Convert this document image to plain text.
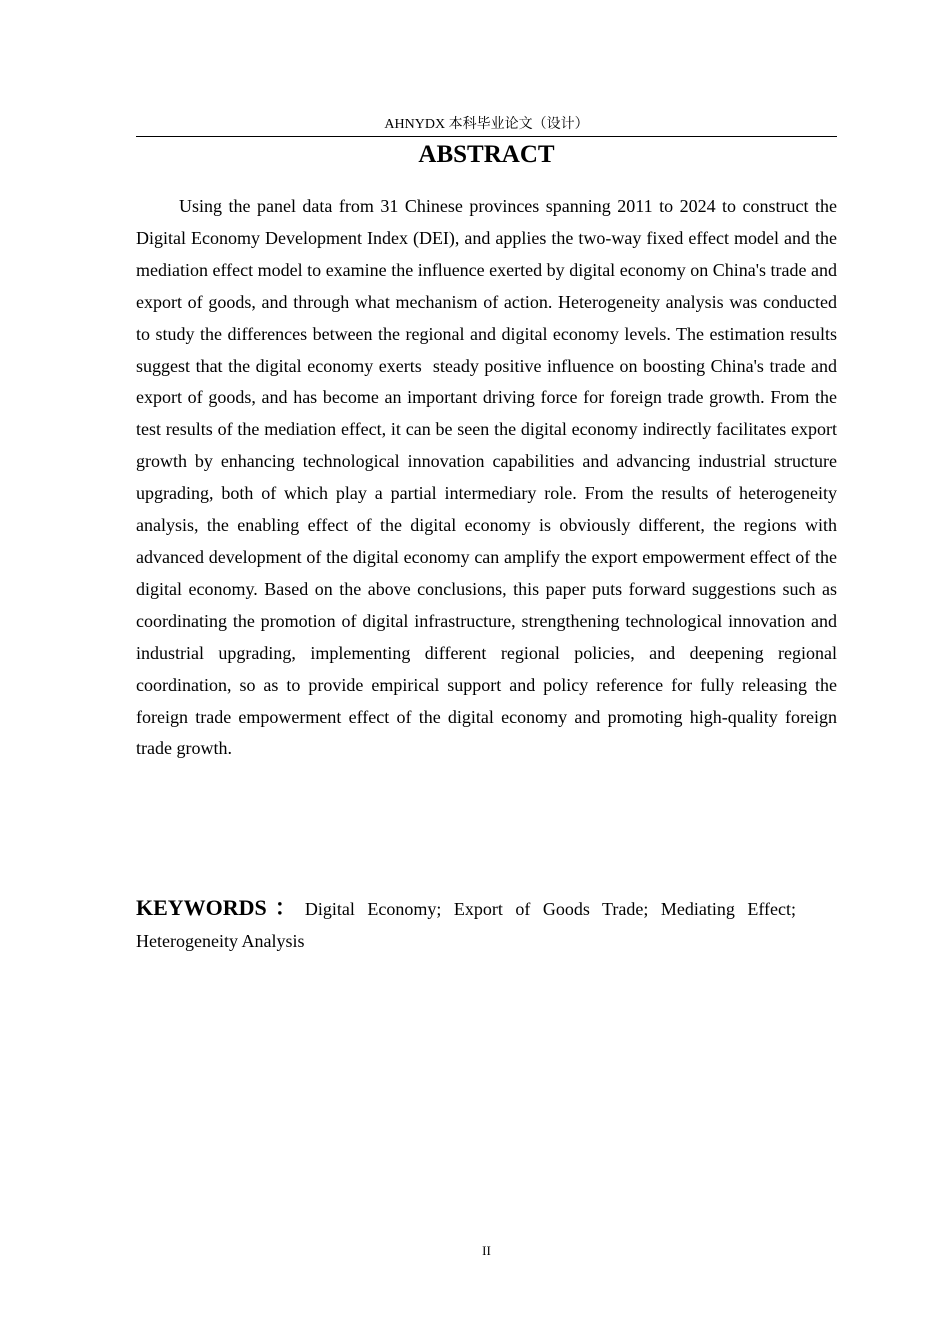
AHNYDX 本科毕业论文（设计）
ABSTRACT

Using the panel data from 31 Chinese provinces spanning 2011 to 2024 to construct the Digital Economy Development Index (DEI), and applies the two-way fixed effect model and the mediation effect model to examine the influence exerted by digital economy on China's trade and export of goods, and through what mechanism of action. Heterogeneity analysis was conducted to study the differences between the regional and digital economy levels. The estimation results suggest that the digital economy exerts  steady positive influence on boosting China's trade and export of goods, and has become an important driving force for foreign trade growth. From the test results of the mediation effect, it can be seen the digital economy indirectly facilitates export growth by enhancing technological innovation capabilities and advancing industrial structure upgrading, both of which play a partial intermediary role. From the results of heterogeneity analysis, the enabling effect of the digital economy is obviously different, the regions with advanced development of the digital economy can amplify the export empowerment effect of the digital economy. Based on the above conclusions, this paper puts forward suggestions such as coordinating the promotion of digital infrastructure, strengthening technological innovation and industrial upgrading, implementing different regional policies, and deepening regional coordination, so as to provide empirical support and policy reference for fully releasing the foreign trade empowerment effect of the digital economy and promoting high-quality foreign trade growth.

KEYWORDS：Digital Economy; Export of Goods Trade; Mediating Effect; Heterogeneity Analysis

II
